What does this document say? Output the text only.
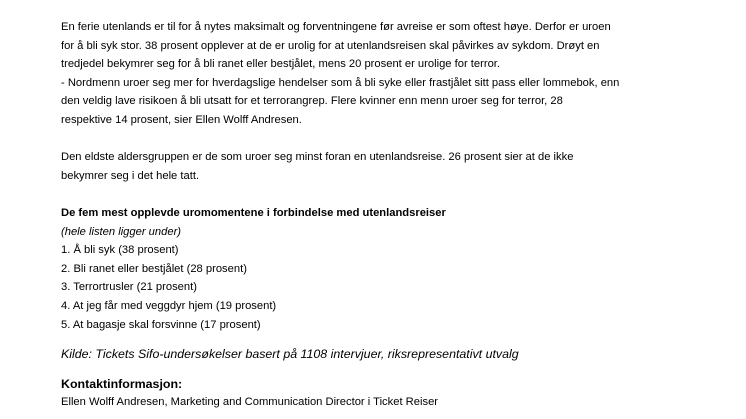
En ferie utenlands er til for å nytes maksimalt og forventningene før avreise er som oftest høye. Derfor er uroen
for å bli syk stor. 38 prosent opplever at de er urolig for at utenlandsreisen skal påvirkes av sykdom. Drøyt en
tredjedel bekymrer seg for å bli ranet eller bestjålet, mens 20 prosent er urolige for terror.
- Nordmenn uroer seg mer for hverdagslige hendelser som å bli syke eller frastjålet sitt pass eller lommebok, enn
den veldig lave risikoen å bli utsatt for et terrorangrep. Flere kvinner enn menn uroer seg for terror, 28
respektive 14 prosent, sier Ellen Wolff Andresen.

Den eldste aldersgruppen er de som uroer seg minst foran en utenlandsreise. 26 prosent sier at de ikke
bekymrer seg i det hele tatt.

De fem mest opplevde uromomentene i forbindelse med utenlandsreiser
(hele listen ligger under)
1. Å bli syk (38 prosent)
2. Bli ranet eller bestjålet (28 prosent)
3. Terrortrusler (21 prosent)
4. At jeg får med veggdyr hjem (19 prosent)
5. At bagasje skal forsvinne (17 prosent)
Kilde: Tickets Sifo-undersøkelser basert på 1108 intervjuer, riksrepresentativt utvalg
Kontaktinformasjon:
Ellen Wolff Andresen, Marketing and Communication Director i Ticket Reiser
